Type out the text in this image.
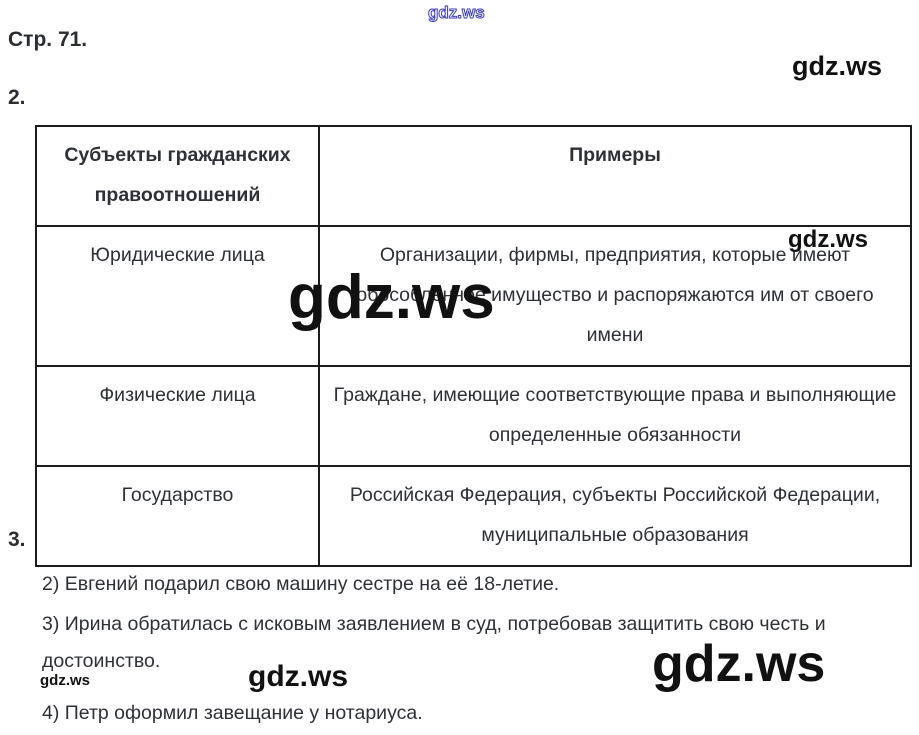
gdz.ws
gdz.ws
gdz.ws
gdz.ws
gdz.ws	gdz.ws	gdz.ws
Стр. 71.
2.
3.
Субъекты гражданских правоотношений	Примеры
Юридические лица	Организации, фирмы, предприятия, которые имеют обособленное имущество и распоряжаются им от своего имени
Физические лица	Граждане, имеющие соответствующие права и выполняющие определенные обязанности
Государство	Российская Федерация, субъекты Российской Федерации, муниципальные образования
2) Евгений подарил свою машину сестре на её 18-летие.
3) Ирина обратилась с исковым заявлением в суд, потребовав защитить свою честь и достоинство.
4) Петр оформил завещание у нотариуса.
